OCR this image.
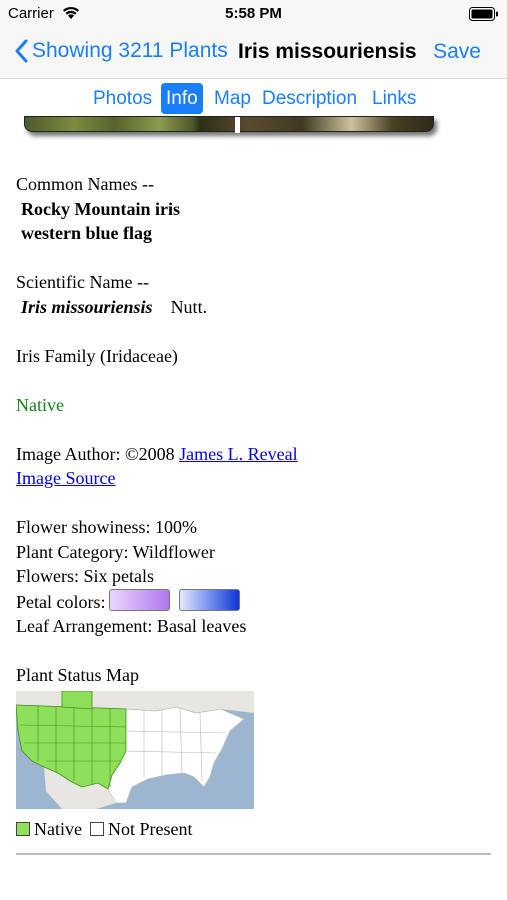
Carrier	5:58 PM
Showing 3211 Plants Iris missouriensis Save
Photos Info Map Description Links
Common Names --
Rocky Mountain iris
western blue flag
Scientific Name --
Iris missouriensis Nutt.
Iris Family (Iridaceae)
Native
Image Author: ©2008 James L. Reveal
Image Source
Flower showiness: 100%
Plant Category: Wildflower
Flowers: Six petals
Petal colors:
Leaf Arrangement: Basal leaves
Plant Status Map
Native Not Present
